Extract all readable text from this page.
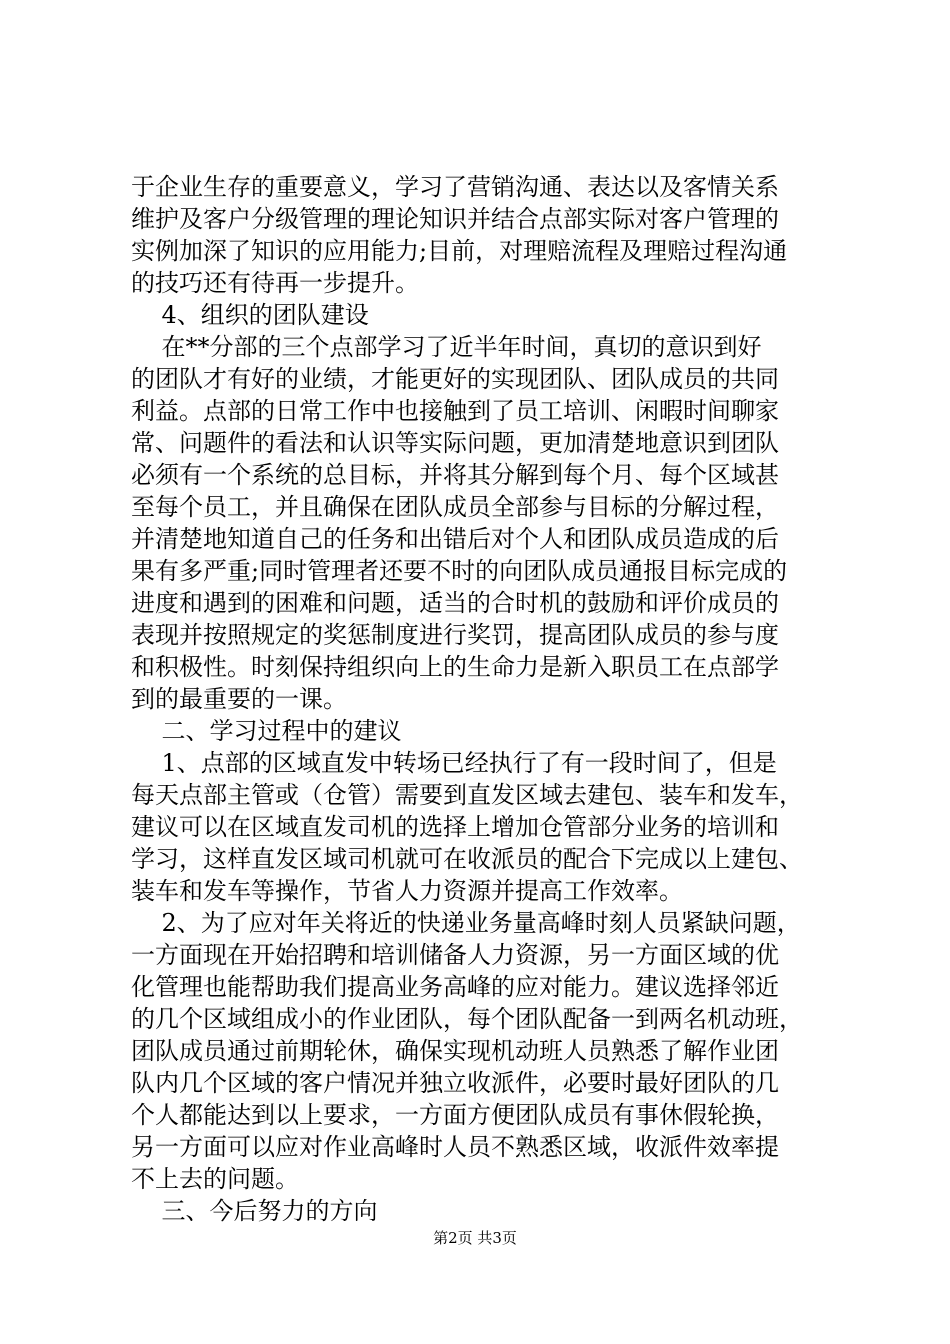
于企业生存的重要意义，学习了营销沟通、表达以及客情关系
维护及客户分级管理的理论知识并结合点部实际对客户管理的
实例加深了知识的应用能力;目前，对理赔流程及理赔过程沟通
的技巧还有待再一步提升。
4、组织的团队建设
在**分部的三个点部学习了近半年时间，真切的意识到好
的团队才有好的业绩，才能更好的实现团队、团队成员的共同
利益。点部的日常工作中也接触到了员工培训、闲暇时间聊家
常、问题件的看法和认识等实际问题，更加清楚地意识到团队
必须有一个系统的总目标，并将其分解到每个月、每个区域甚
至每个员工，并且确保在团队成员全部参与目标的分解过程，
并清楚地知道自己的任务和出错后对个人和团队成员造成的后
果有多严重;同时管理者还要不时的向团队成员通报目标完成的
进度和遇到的困难和问题，适当的合时机的鼓励和评价成员的
表现并按照规定的奖惩制度进行奖罚，提高团队成员的参与度
和积极性。时刻保持组织向上的生命力是新入职员工在点部学
到的最重要的一课。
二、学习过程中的建议
1、点部的区域直发中转场已经执行了有一段时间了，但是
每天点部主管或（仓管）需要到直发区域去建包、装车和发车，
建议可以在区域直发司机的选择上增加仓管部分业务的培训和
学习，这样直发区域司机就可在收派员的配合下完成以上建包、
装车和发车等操作，节省人力资源并提高工作效率。
2、为了应对年关将近的快递业务量高峰时刻人员紧缺问题，
一方面现在开始招聘和培训储备人力资源，另一方面区域的优
化管理也能帮助我们提高业务高峰的应对能力。建议选择邻近
的几个区域组成小的作业团队，每个团队配备一到两名机动班，
团队成员通过前期轮休，确保实现机动班人员熟悉了解作业团
队内几个区域的客户情况并独立收派件，必要时最好团队的几
个人都能达到以上要求，一方面方便团队成员有事休假轮换，
另一方面可以应对作业高峰时人员不熟悉区域，收派件效率提
不上去的问题。
三、今后努力的方向
第2页 共3页
